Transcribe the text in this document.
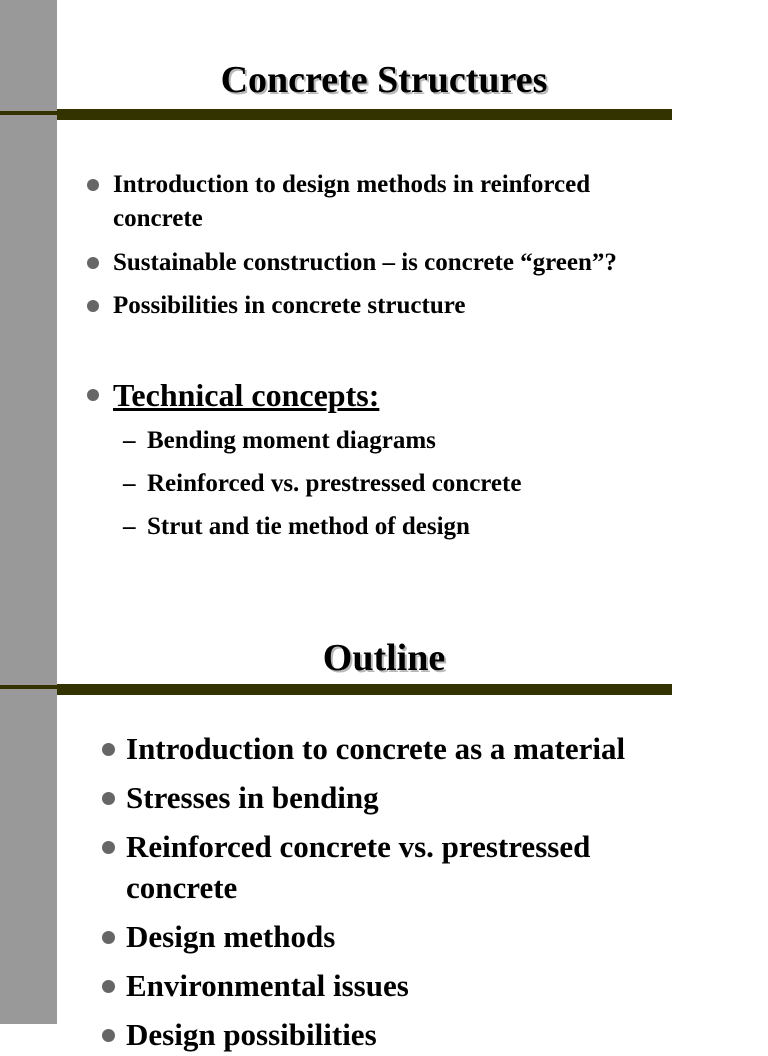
Concrete Structures
Introduction to design methods in reinforced
concrete
Sustainable construction – is concrete “green”?
Possibilities in concrete structure
Technical concepts:
– Bending moment diagrams
– Reinforced vs. prestressed concrete
– Strut and tie method of design
Outline
Introduction to concrete as a material
Stresses in bending
Reinforced concrete vs. prestressed
concrete
Design methods
Environmental issues
Design possibilities
